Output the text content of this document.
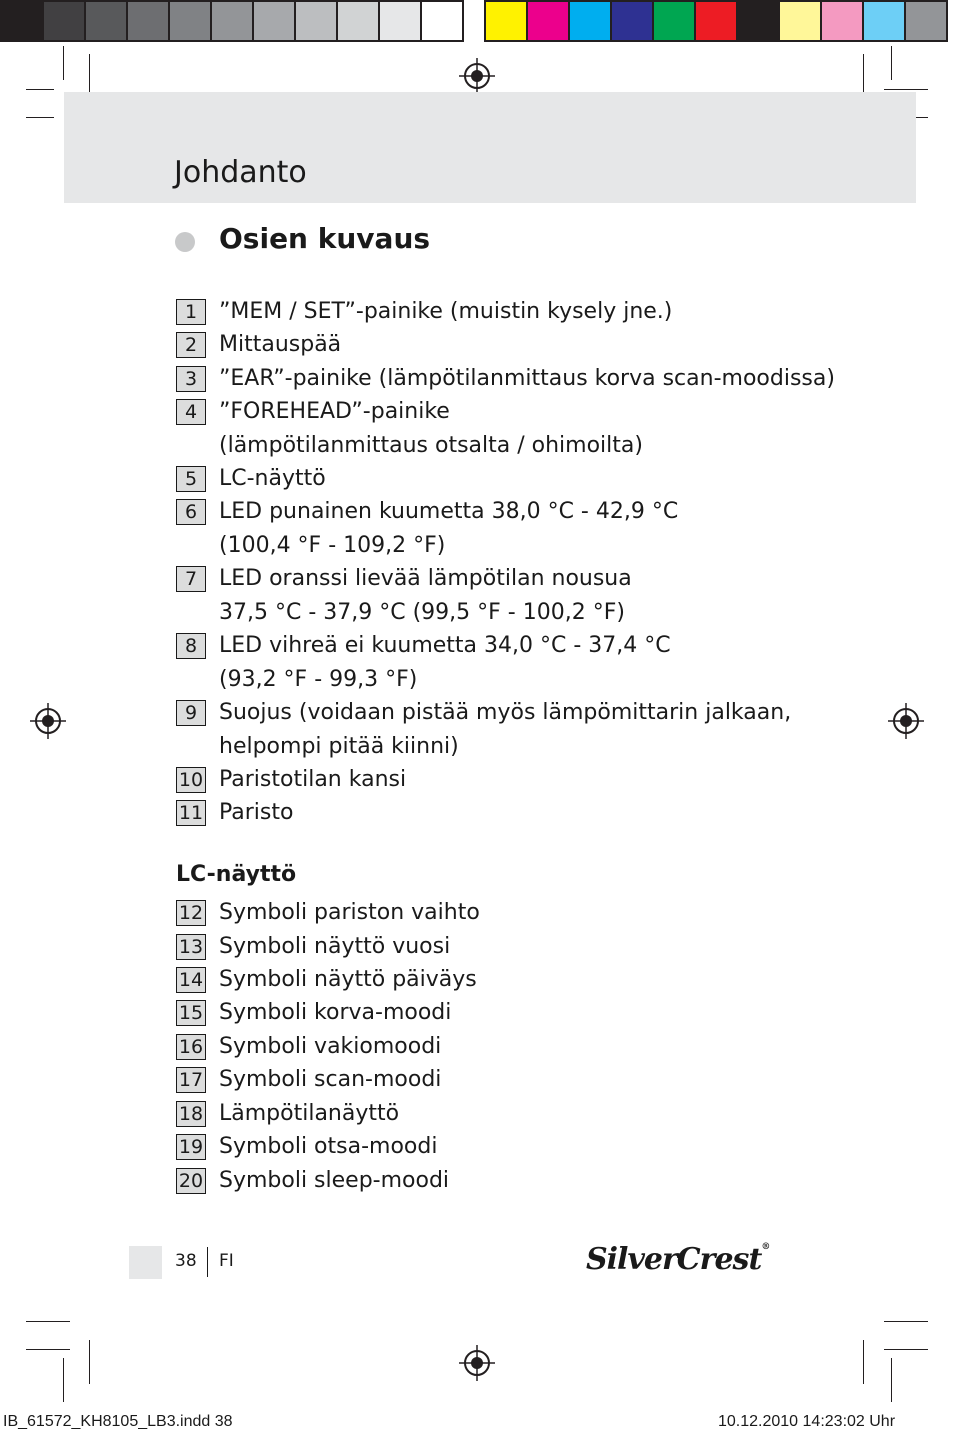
Johdanto
Osien kuvaus
1 ”MEM / SET”-painike (muistin kysely jne.)
2 Mittauspää
3 ”EAR”-painike (lämpötilanmittaus korva scan-moodissa)
4 ”FOREHEAD”-painike
(lämpötilanmittaus otsalta / ohimoilta)
5 LC-näyttö
6 LED punainen kuumetta 38,0 °C - 42,9 °C
(100,4 °F - 109,2 °F)
7 LED oranssi lievää lämpötilan nousua
37,5 °C - 37,9 °C (99,5 °F - 100,2 °F)
8 LED vihreä ei kuumetta 34,0 °C - 37,4 °C
(93,2 °F - 99,3 °F)
9 Suojus (voidaan pistää myös lämpömittarin jalkaan,
helpompi pitää kiinni)
10 Paristotilan kansi
11 Paristo
LC-näyttö
12 Symboli pariston vaihto
13 Symboli näyttö vuosi
14 Symboli näyttö päiväys
15 Symboli korva-moodi
16 Symboli vakiomoodi
17 Symboli scan-moodi
18 Lämpötilanäyttö
19 Symboli otsa-moodi
20 Symboli sleep-moodi
38 FI	SilverCrest®
IB_61572_KH8105_LB3.indd 38	10.12.2010 14:23:02 Uhr
